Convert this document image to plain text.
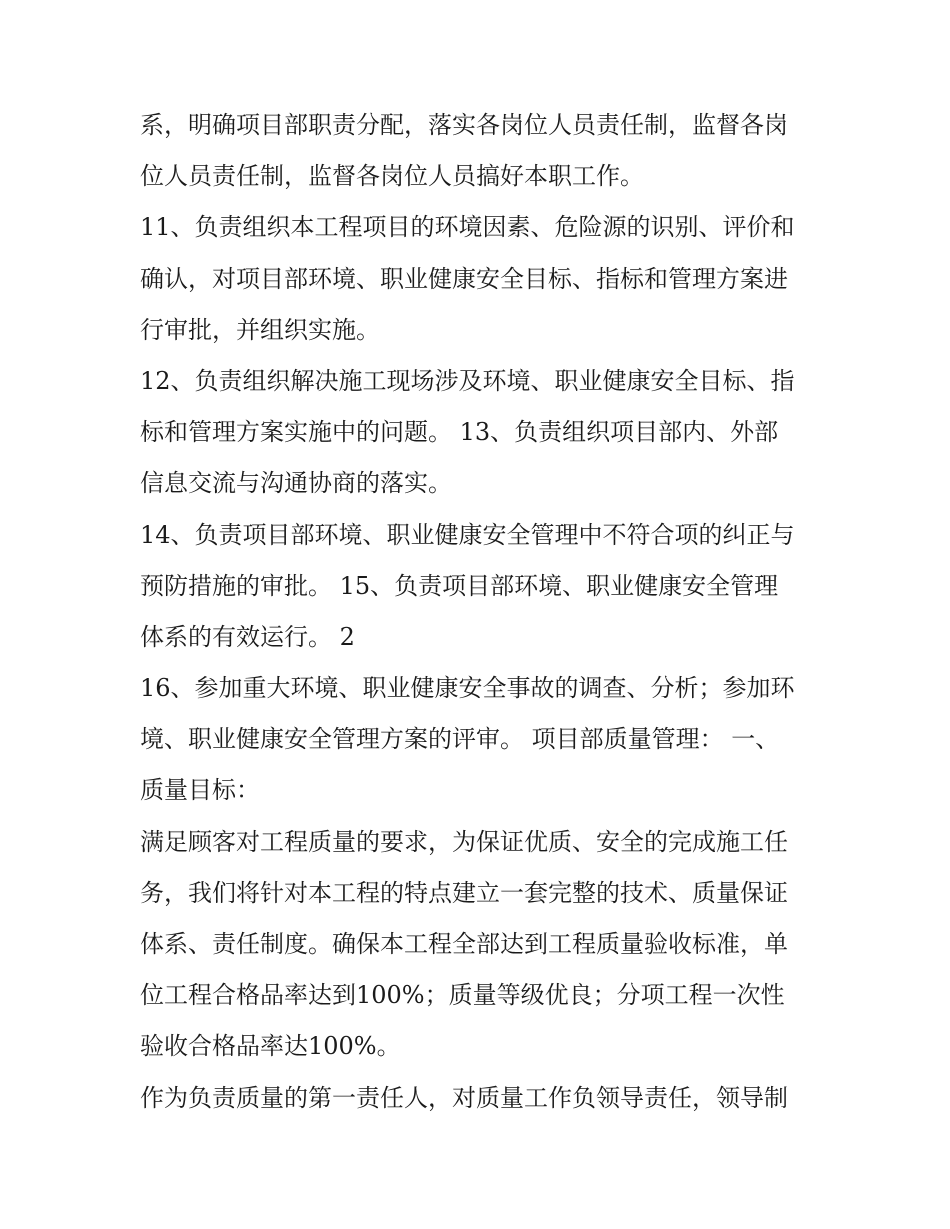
系，明确项目部职责分配，落实各岗位人员责任制，监督各岗
位人员责任制，监督各岗位人员搞好本职工作。
11、负责组织本工程项目的环境因素、危险源的识别、评价和
确认，对项目部环境、职业健康安全目标、指标和管理方案进
行审批，并组织实施。
12、负责组织解决施工现场涉及环境、职业健康安全目标、指
标和管理方案实施中的问题。 13、负责组织项目部内、外部
信息交流与沟通协商的落实。
14、负责项目部环境、职业健康安全管理中不符合项的纠正与
预防措施的审批。 15、负责项目部环境、职业健康安全管理
体系的有效运行。 2
16、参加重大环境、职业健康安全事故的调查、分析；参加环
境、职业健康安全管理方案的评审。 项目部质量管理： 一、
质量目标：
满足顾客对工程质量的要求，为保证优质、安全的完成施工任
务，我们将针对本工程的特点建立一套完整的技术、质量保证
体系、责任制度。确保本工程全部达到工程质量验收标准，单
位工程合格品率达到100%；质量等级优良；分项工程一次性
验收合格品率达100%。
作为负责质量的第一责任人，对质量工作负领导责任，领导制
